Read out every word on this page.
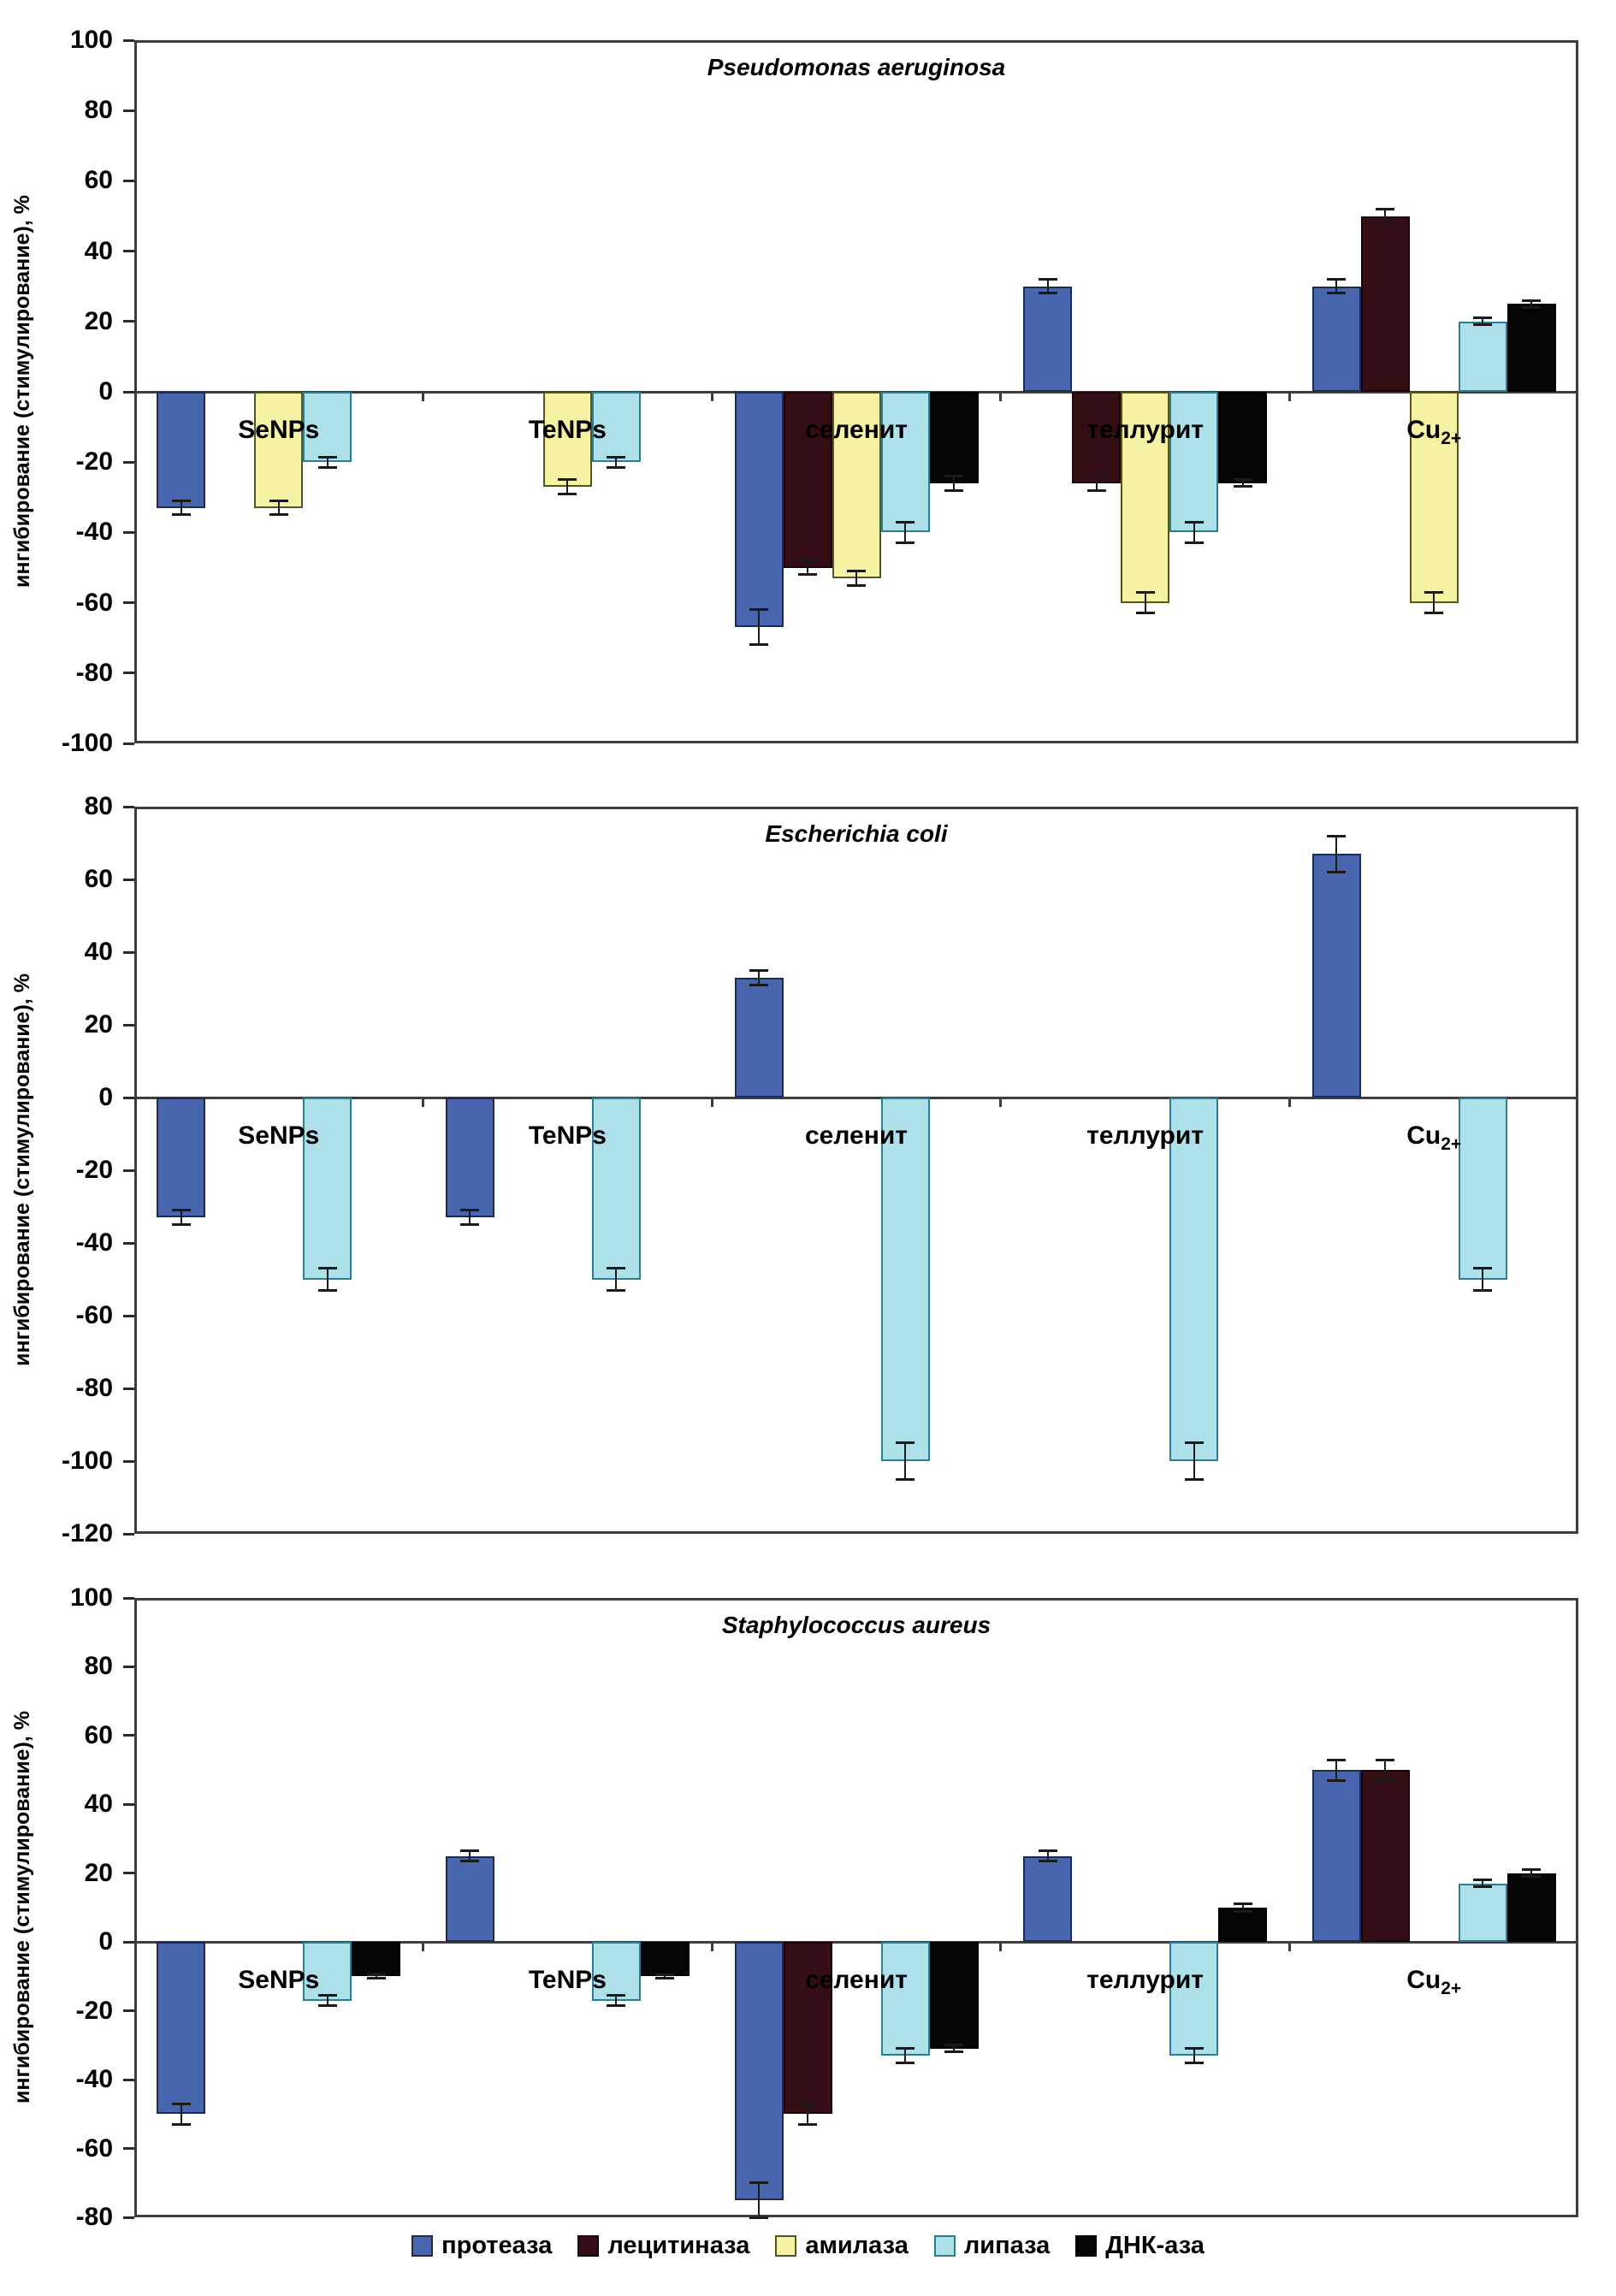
100
80
60
40
20
0
-20
-40
-60
-80
-100
Pseudomonas aeruginosa
ингибирование (стимулирование), %	SeNPs	TeNPs	селенит	теллурит	$Cu_{2+}$
80
60
40
20
0
-20
-40
-60
-80
-100
-120
Escherichia coli
ингибирование (стимулирование), %	SeNPs	TeNPs	селенит	теллурит	$Cu_{2+}$
100
80
60
40
20
0
-20
-40
-60
-80
Staphylococcus aureus
ингибирование (стимулирование), %	SeNPs	TeNPs	селенит	теллурит	$Cu_{2+}$
протеаза лецитиназа амилаза липаза ДНК-аза
